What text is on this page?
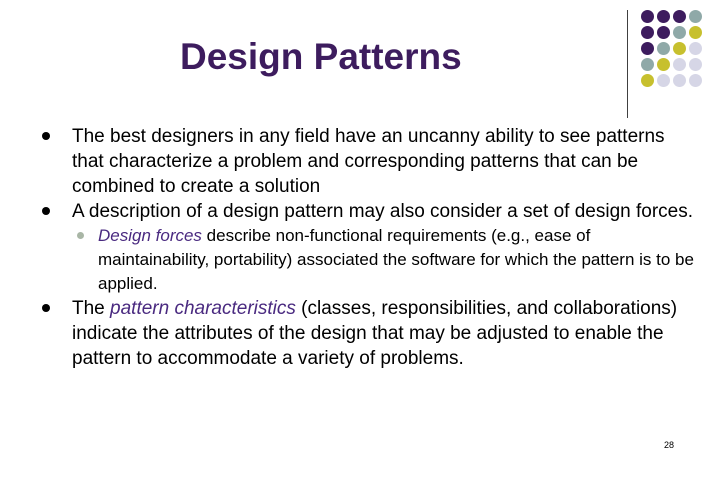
Design Patterns
The best designers in any field have an uncanny ability to see patterns that characterize a problem and corresponding patterns that can be combined to create a solution
A description of a design pattern may also consider a set of design forces.
Design forces describe non-functional requirements (e.g., ease of maintainability, portability) associated the software for which the pattern is to be applied.
The pattern characteristics (classes, responsibilities, and collaborations) indicate the attributes of the design that may be adjusted to enable the pattern to accommodate a variety of problems.
28
